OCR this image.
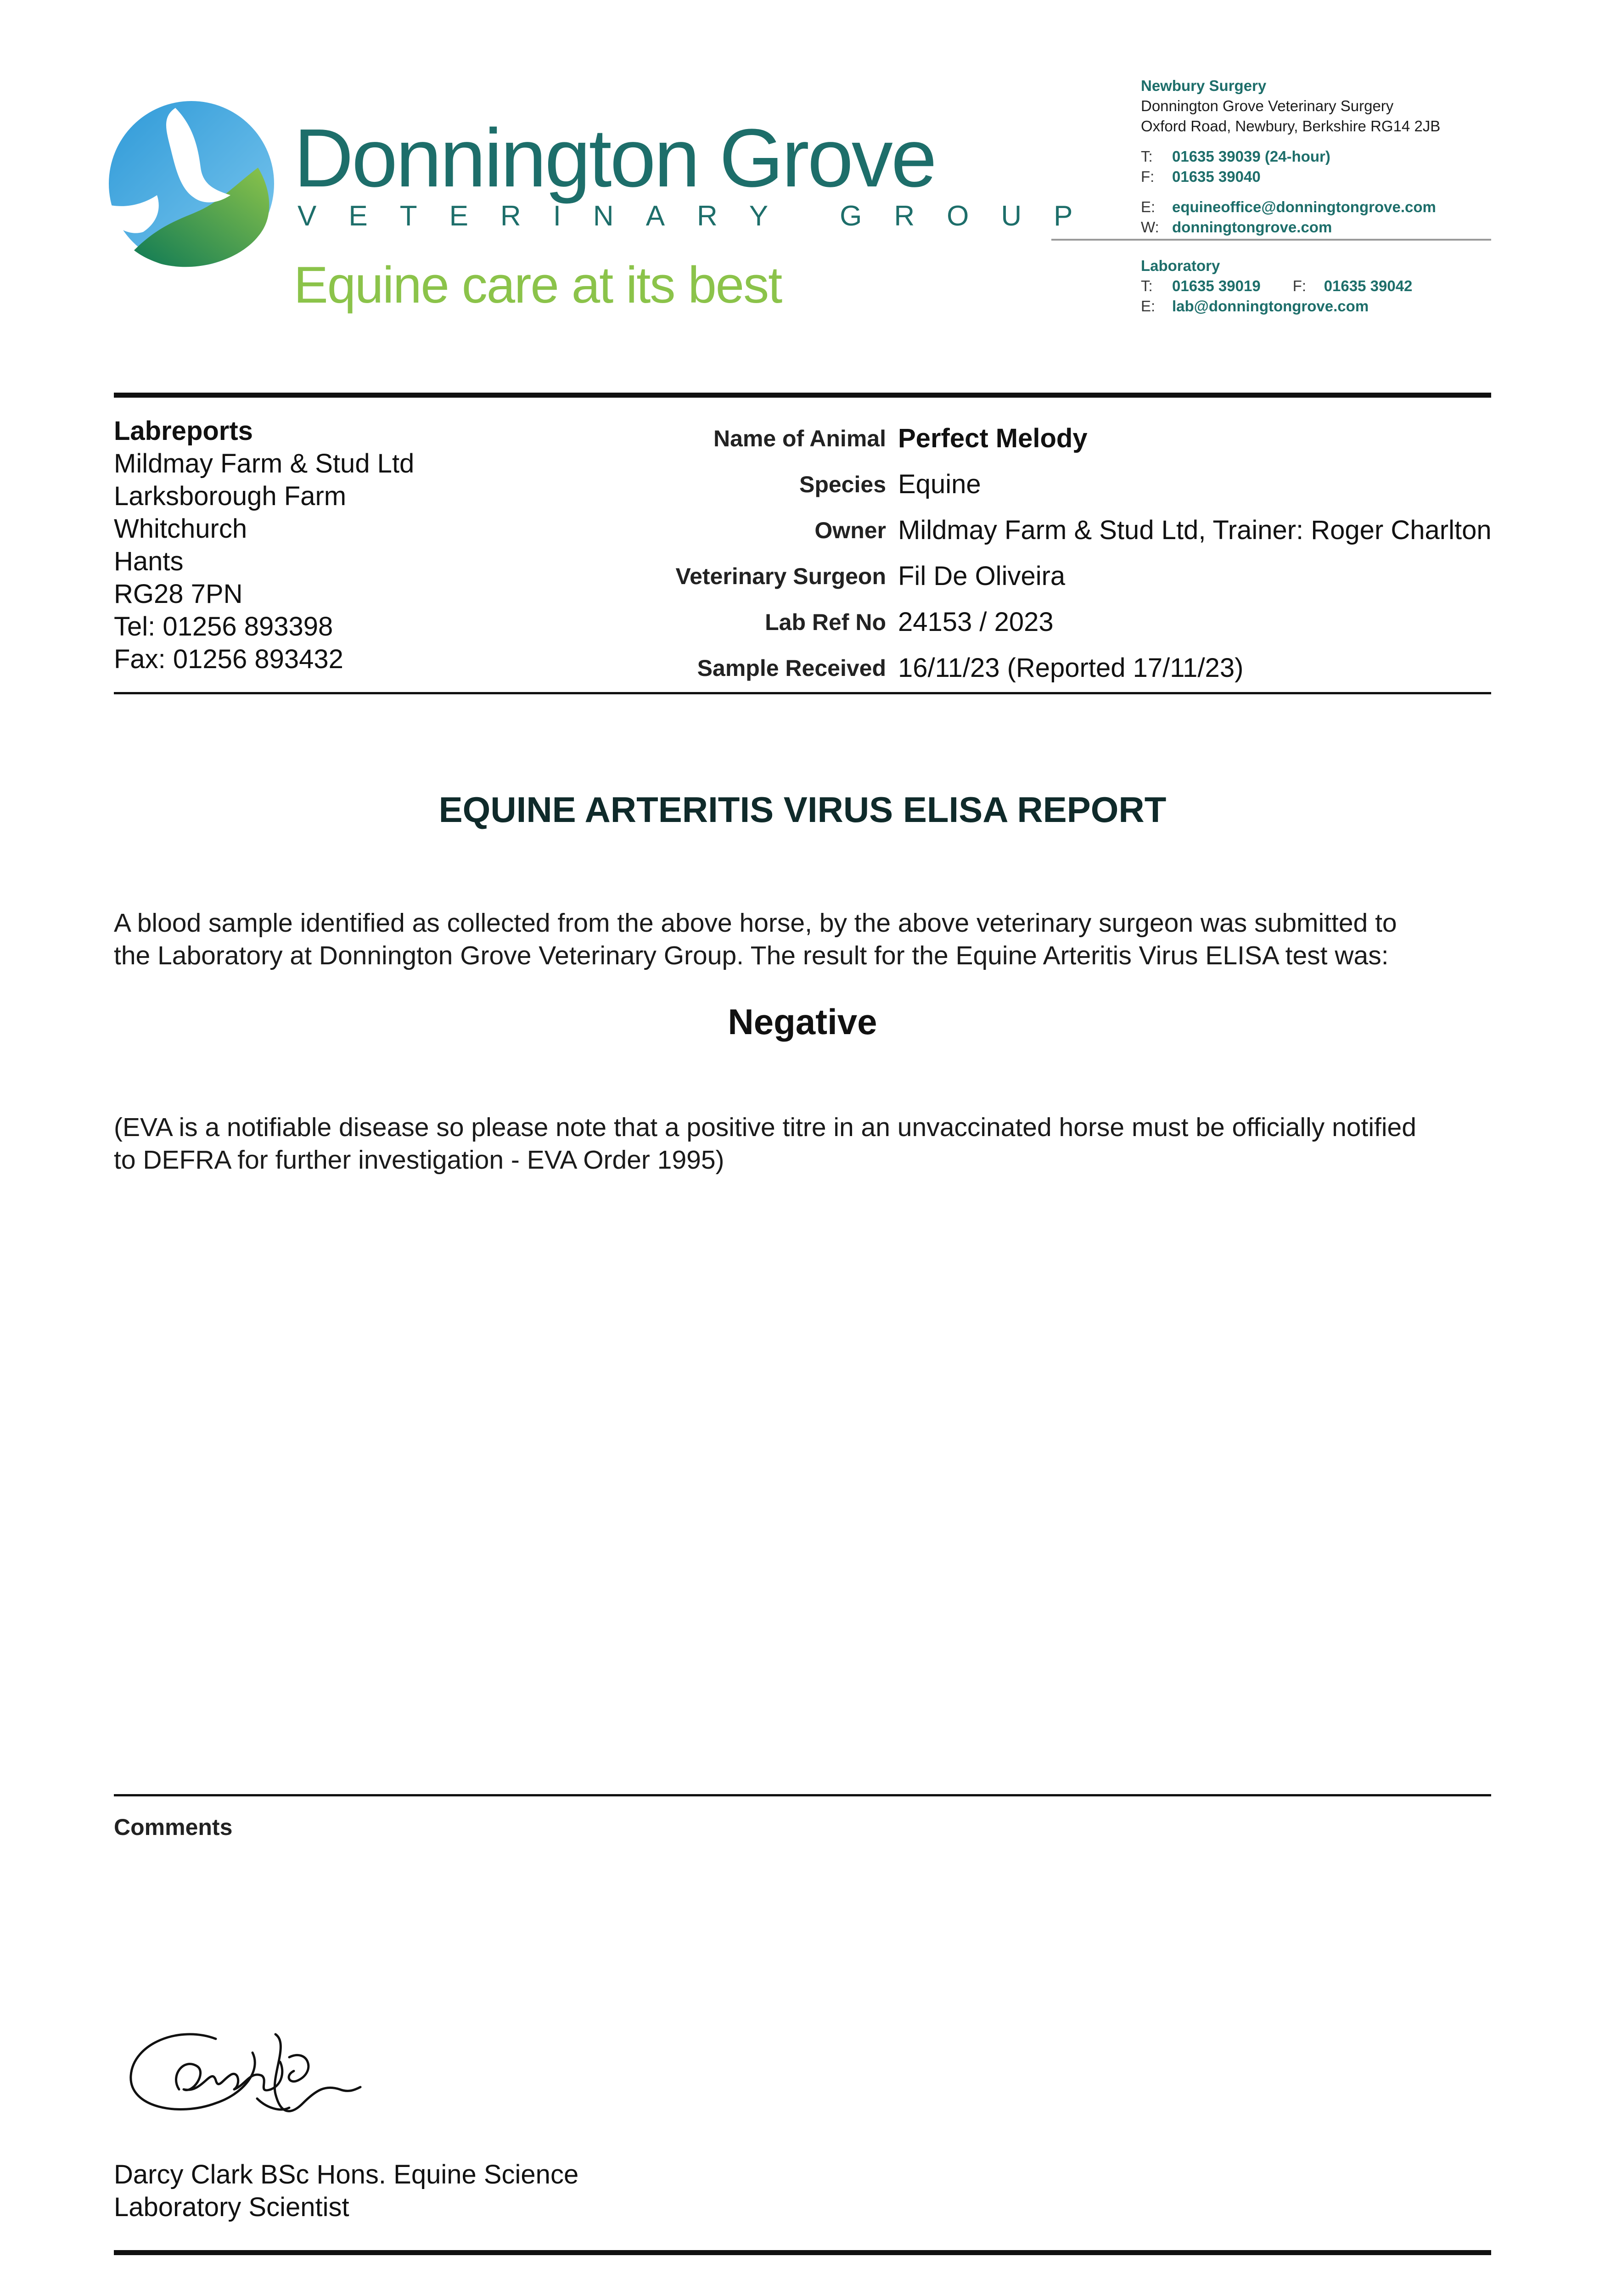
Donnington Grove
VETERINARY GROUP
Equine care at its best
Newbury Surgery
Donnington Grove Veterinary Surgery
Oxford Road, Newbury, Berkshire RG14 2JB
T: 01635 39039 (24-hour)
F: 01635 39040
E: equineoffice@donningtongrove.com
W: donningtongrove.com
Laboratory
T: 01635 39019 F: 01635 39042
E: lab@donningtongrove.com
Labreports
Mildmay Farm & Stud Ltd
Larksborough Farm
Whitchurch
Hants
RG28 7PN
Tel: 01256 893398
Fax: 01256 893432
Name of Animal
Species
Owner
Veterinary Surgeon
Lab Ref No
Sample Received
Perfect Melody
Equine
Mildmay Farm & Stud Ltd, Trainer: Roger Charlton
Fil De Oliveira
24153 / 2023
16/11/23 (Reported 17/11/23)
EQUINE ARTERITIS VIRUS ELISA REPORT
A blood sample identified as collected from the above horse, by the above veterinary surgeon was submitted to
the Laboratory at Donnington Grove Veterinary Group. The result for the Equine Arteritis Virus ELISA test was:
Negative
(EVA is a notifiable disease so please note that a positive titre in an unvaccinated horse must be officially notified
to DEFRA for further investigation - EVA Order 1995)
Comments
Darcy Clark BSc Hons. Equine Science
Laboratory Scientist
